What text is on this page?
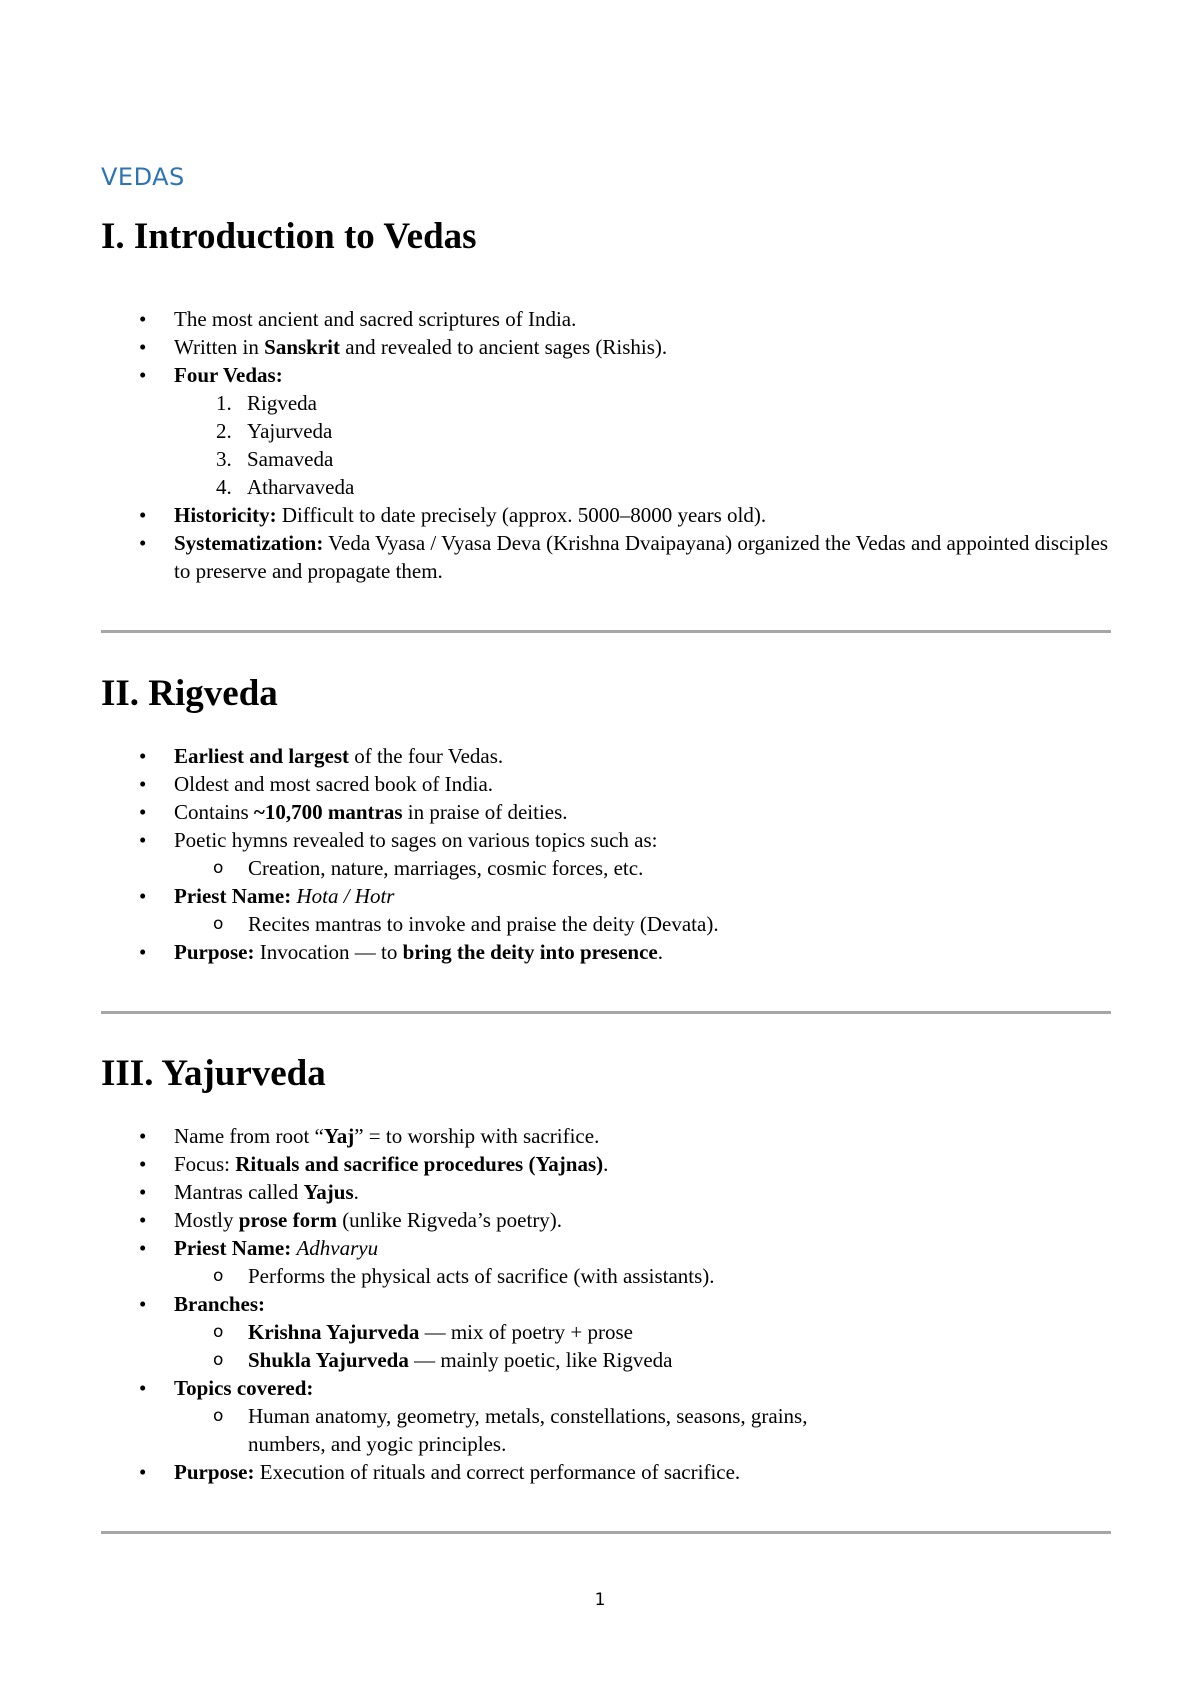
VEDAS
I. Introduction to Vedas
• The most ancient and sacred scriptures of India.
• Written in Sanskrit and revealed to ancient sages (Rishis).
• Four Vedas:
1. Rigveda
2. Yajurveda
3. Samaveda
4. Atharvaveda
• Historicity: Difficult to date precisely (approx. 5000–8000 years old).
• Systematization: Veda Vyasa / Vyasa Deva (Krishna Dvaipayana) organized the Vedas and appointed disciples to preserve and propagate them.
II. Rigveda
• Earliest and largest of the four Vedas.
• Oldest and most sacred book of India.
• Contains ~10,700 mantras in praise of deities.
• Poetic hymns revealed to sages on various topics such as:
o Creation, nature, marriages, cosmic forces, etc.
• Priest Name: Hota / Hotr
o Recites mantras to invoke and praise the deity (Devata).
• Purpose: Invocation — to bring the deity into presence.
III. Yajurveda
• Name from root “Yaj” = to worship with sacrifice.
• Focus: Rituals and sacrifice procedures (Yajnas).
• Mantras called Yajus.
• Mostly prose form (unlike Rigveda’s poetry).
• Priest Name: Adhvaryu
o Performs the physical acts of sacrifice (with assistants).
• Branches:
o Krishna Yajurveda — mix of poetry + prose
o Shukla Yajurveda — mainly poetic, like Rigveda
• Topics covered:
o Human anatomy, geometry, metals, constellations, seasons, grains, numbers, and yogic principles.
• Purpose: Execution of rituals and correct performance of sacrifice.
1
